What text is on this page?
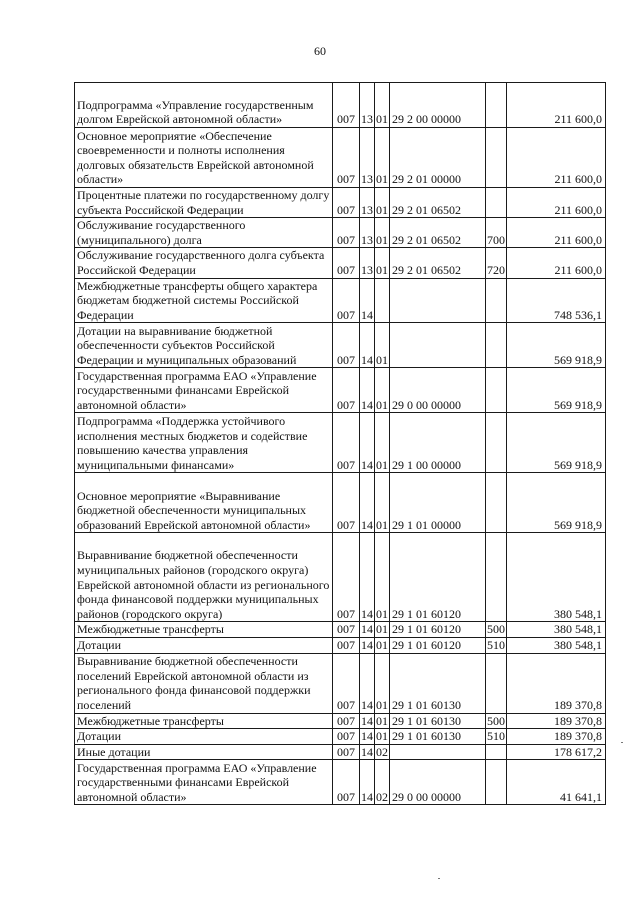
60
Подпрограмма «Управление государственным долгом Еврейской автономной области»	007	13	01	29 2 00 00000		211 600,0
Основное мероприятие «Обеспечение своевременности и полноты исполнения долговых обязательств Еврейской автономной области»	007	13	01	29 2 01 00000		211 600,0
Процентные платежи по государственному долгу субъекта Российской Федерации	007	13	01	29 2 01 06502		211 600,0
Обслуживание государственного (муниципального) долга	007	13	01	29 2 01 06502	700	211 600,0
Обслуживание государственного долга субъекта Российской Федерации	007	13	01	29 2 01 06502	720	211 600,0
Межбюджетные трансферты общего характера бюджетам бюджетной системы Российской Федерации	007	14				748 536,1
Дотации на выравнивание бюджетной обеспеченности субъектов Российской Федерации и муниципальных образований	007	14	01			569 918,9
Государственная программа ЕАО «Управление государственными финансами Еврейской автономной области»	007	14	01	29 0 00 00000		569 918,9
Подпрограмма «Поддержка устойчивого исполнения местных бюджетов и содействие повышению качества управления муниципальными финансами»	007	14	01	29 1 00 00000		569 918,9
Основное мероприятие «Выравнивание бюджетной обеспеченности муниципальных образований Еврейской автономной области»	007	14	01	29 1 01 00000		569 918,9
Выравнивание бюджетной обеспеченности муниципальных районов (городского округа) Еврейской автономной области из регионального фонда финансовой поддержки муниципальных районов (городского округа)	007	14	01	29 1 01 60120		380 548,1
Межбюджетные трансферты	007	14	01	29 1 01 60120	500	380 548,1
Дотации	007	14	01	29 1 01 60120	510	380 548,1
Выравнивание бюджетной обеспеченности поселений Еврейской автономной области из регионального фонда финансовой поддержки поселений	007	14	01	29 1 01 60130		189 370,8
Межбюджетные трансферты	007	14	01	29 1 01 60130	500	189 370,8
Дотации	007	14	01	29 1 01 60130	510	189 370,8
Иные дотации	007	14	02			178 617,2
Государственная программа ЕАО «Управление государственными финансами Еврейской автономной области»	007	14	02	29 0 00 00000		41 641,1
